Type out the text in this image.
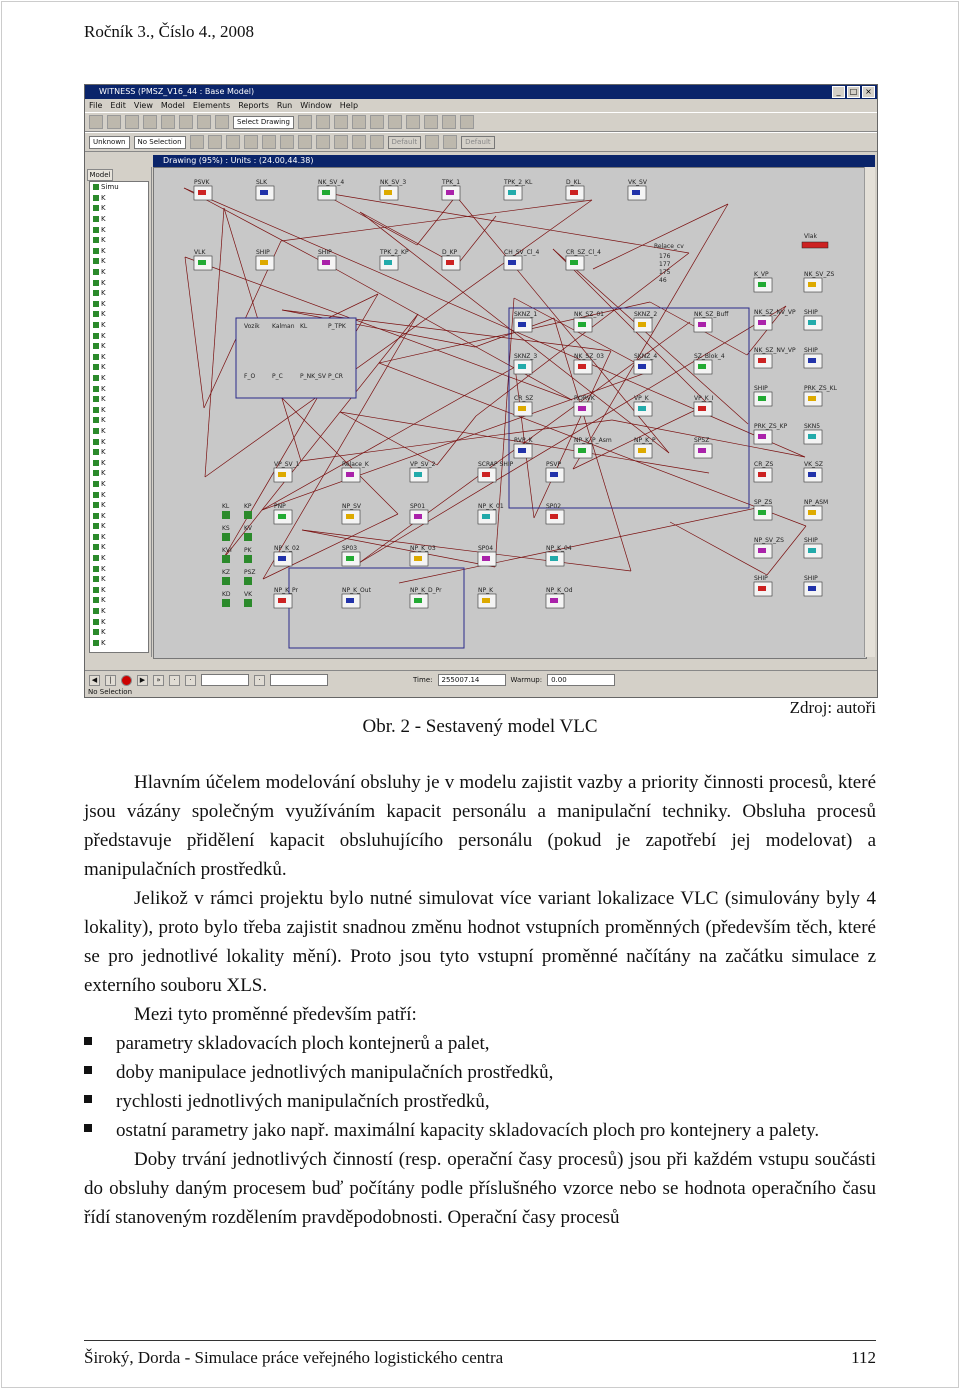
Ročník 3., Číslo 4., 2008
WITNESS (PMSZ_V16_44 : Base Model)	_	□ ×
File Edit View Model Elements Reports Run Window Help
Select Drawing
Unknown	No Selection	Default	Default
Drawing (95%) : Units : (24.00,44.38)
Model
Simu
K
K
K
K
K
K
K
K
K
K
K
K
K
K
K
K
K
K
K
K
K
K
K
K
K
K
K
K
K
K
K
K
K
K
K
K
K
K
K
K
K
K
K
PSVK	SLK	NK_SV_4	NK_SV_3	TPK_1	TPK_2_KL	D_KL	VK_SV
VLK	SHIP	SHIP	TPK_2_KP	D_KP	CH_SV_Cl_4	CR_SZ_Cl_4
Vozik Kalman KL	P_TPK
F_O	P_C	P_NK_SV P_CR
K_VP	NK_SV_ZS
NK_SZ_NV_VP SHIP
NK_SZ_NV_VP SHIP
SHIP	PRK_ZS_KL
PRK_ZS_KP	SKN5
CR_ZS	VK_SZ
SP_ZS	NP_ASM
NP_SV_ZS	SHIP
SHIP	SHIP
SKNZ_1	NK_SZ_01	SKNZ_2	NK_SZ_Buff
SKNZ_3	NK_SZ_03	SKNZ_4	SZ_Blok_4
CR_SZ	RORVK	VP_K	VP_K_I
RVP_K	NP_K_P_Asm	NP_K_P	SPSZ
VP_SV_1	Relace_K	VP_SV_2	SCRAP SHIP	PSVP
PNP	NP_SV	SP01	NP_K_01	SP02
NP_K_02	SP03	NP_K_03	SP04	NP_K_04
NP_K_Pr	NP_K_Out	NP_K_D_Pr	NP_K	NP_K_Od
KL KP
KS KV
KVI PK
KZ PSZ
KD VK
Relace_cv
176
177
175
46
Vlak
◀	|	▶	»	·	·	·	Time:	255007.14	Warmup:	0.00
No Selection
Zdroj: autoři
Obr. 2 - Sestavený model VLC

Hlavním účelem modelování obsluhy je v modelu zajistit vazby a priority činnosti procesů, které jsou vázány společným využíváním kapacit personálu a manipulační techniky. Obsluha procesů představuje přidělení kapacit obsluhujícího personálu (pokud je zapotřebí jej modelovat) a manipulačních prostředků.

Jelikož v rámci projektu bylo nutné simulovat více variant lokalizace VLC (simulovány byly 4 lokality), proto bylo třeba zajistit snadnou změnu hodnot vstupních proměnných (především těch, které se pro jednotlivé lokality mění). Proto jsou tyto vstupní proměnné načítány na začátku simulace z externího souboru XLS.

Mezi tyto proměnné především patří:

parametry skladovacích ploch kontejnerů a palet,
doby manipulace jednotlivých manipulačních prostředků,
rychlosti jednotlivých manipulačních prostředků,
ostatní parametry jako např. maximální kapacity skladovacích ploch pro kontejnery a palety.

Doby trvání jednotlivých činností (resp. operační časy procesů) jsou při každém vstupu součásti do obsluhy daným procesem buď počítány podle příslušného vzorce nebo se hodnota operačního času řídí stanoveným rozdělením pravděpodobnosti. Operační časy procesů

Široký, Dorda - Simulace práce veřejného logistického centra	112
